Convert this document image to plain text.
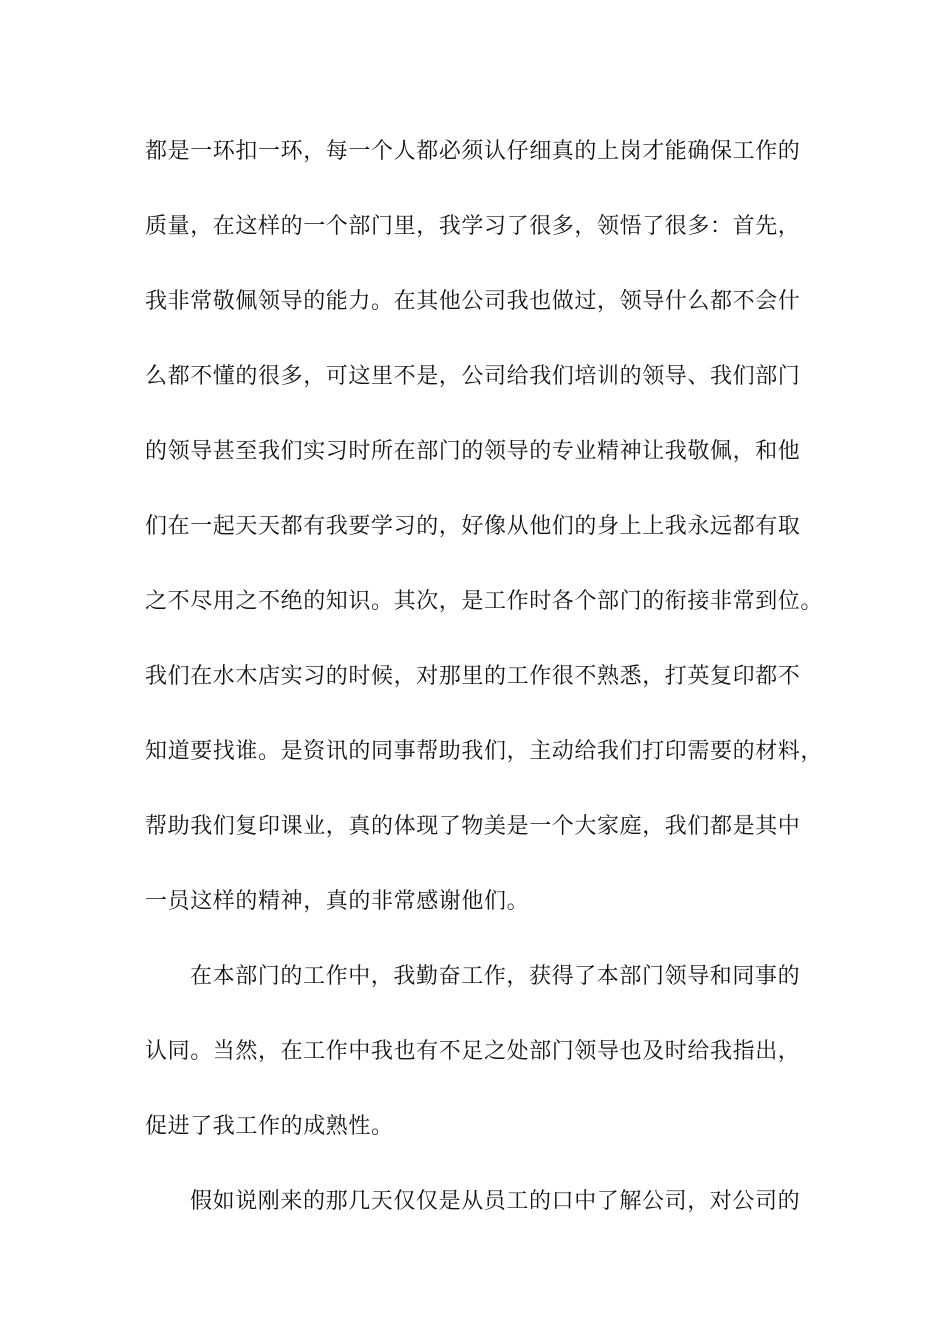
都是一环扣一环，每一个人都必须认仔细真的上岗才能确保工作的
质量，在这样的一个部门里，我学习了很多，领悟了很多：首先，
我非常敬佩领导的能力。在其他公司我也做过，领导什么都不会什
么都不懂的很多，可这里不是，公司给我们培训的领导、我们部门
的领导甚至我们实习时所在部门的领导的专业精神让我敬佩，和他
们在一起天天都有我要学习的，好像从他们的身上上我永远都有取
之不尽用之不绝的知识。其次，是工作时各个部门的衔接非常到位。
我们在水木店实习的时候，对那里的工作很不熟悉，打英复印都不
知道要找谁。是资讯的同事帮助我们，主动给我们打印需要的材料，
帮助我们复印课业，真的体现了物美是一个大家庭，我们都是其中
一员这样的精神，真的非常感谢他们。
在本部门的工作中，我勤奋工作，获得了本部门领导和同事的
认同。当然，在工作中我也有不足之处部门领导也及时给我指出，
促进了我工作的成熟性。
假如说刚来的那几天仅仅是从员工的口中了解公司，对公司的
